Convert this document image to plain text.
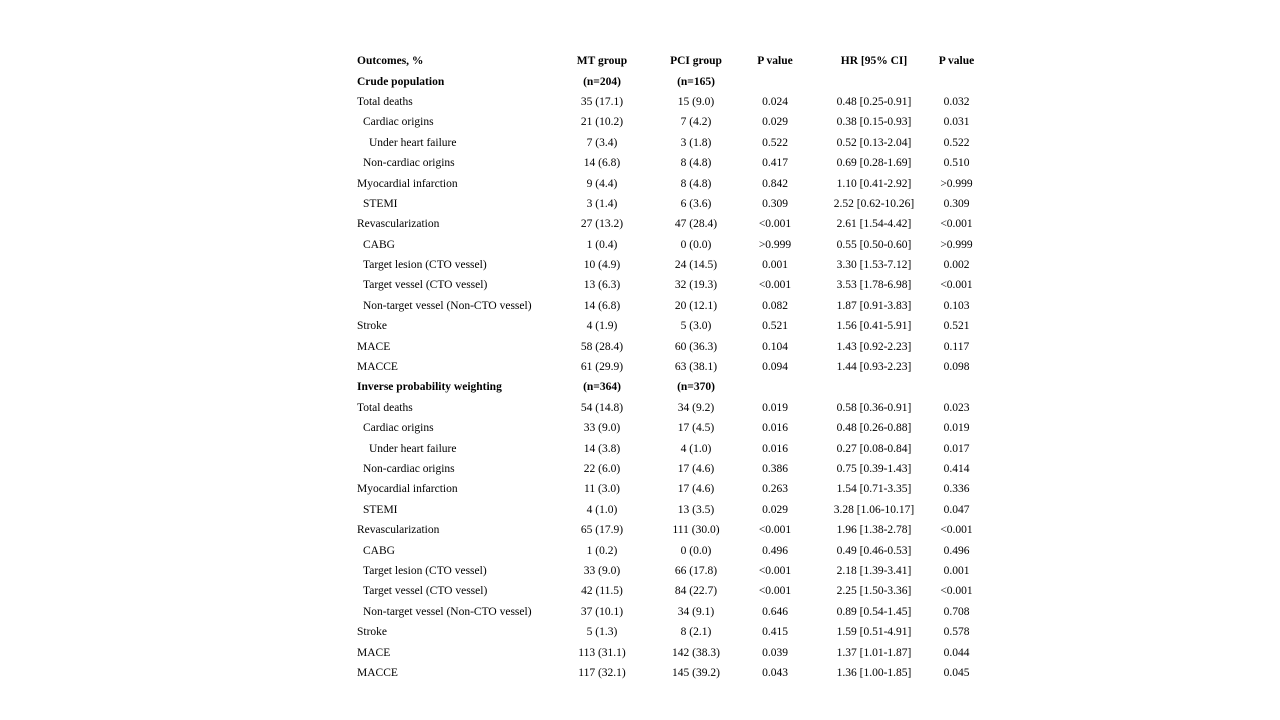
Outcomes, %	MT group	PCI group	P value	HR [95% CI]	P value
Crude population	(n=204)	(n=165)			
Total deaths	35 (17.1)	15 (9.0)	0.024	0.48 [0.25-0.91]	0.032
Cardiac origins	21 (10.2)	7 (4.2)	0.029	0.38 [0.15-0.93]	0.031
Under heart failure	7 (3.4)	3 (1.8)	0.522	0.52 [0.13-2.04]	0.522
Non-cardiac origins	14 (6.8)	8 (4.8)	0.417	0.69 [0.28-1.69]	0.510
Myocardial infarction	9 (4.4)	8 (4.8)	0.842	1.10 [0.41-2.92]	>0.999
STEMI	3 (1.4)	6 (3.6)	0.309	2.52 [0.62-10.26]	0.309
Revascularization	27 (13.2)	47 (28.4)	<0.001	2.61 [1.54-4.42]	<0.001
CABG	1 (0.4)	0 (0.0)	>0.999	0.55 [0.50-0.60]	>0.999
Target lesion (CTO vessel)	10 (4.9)	24 (14.5)	0.001	3.30 [1.53-7.12]	0.002
Target vessel (CTO vessel)	13 (6.3)	32 (19.3)	<0.001	3.53 [1.78-6.98]	<0.001
Non-target vessel (Non-CTO vessel)	14 (6.8)	20 (12.1)	0.082	1.87 [0.91-3.83]	0.103
Stroke	4 (1.9)	5 (3.0)	0.521	1.56 [0.41-5.91]	0.521
MACE	58 (28.4)	60 (36.3)	0.104	1.43 [0.92-2.23]	0.117
MACCE	61 (29.9)	63 (38.1)	0.094	1.44 [0.93-2.23]	0.098
Inverse probability weighting	(n=364)	(n=370)			
Total deaths	54 (14.8)	34 (9.2)	0.019	0.58 [0.36-0.91]	0.023
Cardiac origins	33 (9.0)	17 (4.5)	0.016	0.48 [0.26-0.88]	0.019
Under heart failure	14 (3.8)	4 (1.0)	0.016	0.27 [0.08-0.84]	0.017
Non-cardiac origins	22 (6.0)	17 (4.6)	0.386	0.75 [0.39-1.43]	0.414
Myocardial infarction	11 (3.0)	17 (4.6)	0.263	1.54 [0.71-3.35]	0.336
STEMI	4 (1.0)	13 (3.5)	0.029	3.28 [1.06-10.17]	0.047
Revascularization	65 (17.9)	111 (30.0)	<0.001	1.96 [1.38-2.78]	<0.001
CABG	1 (0.2)	0 (0.0)	0.496	0.49 [0.46-0.53]	0.496
Target lesion (CTO vessel)	33 (9.0)	66 (17.8)	<0.001	2.18 [1.39-3.41]	0.001
Target vessel (CTO vessel)	42 (11.5)	84 (22.7)	<0.001	2.25 [1.50-3.36]	<0.001
Non-target vessel (Non-CTO vessel)	37 (10.1)	34 (9.1)	0.646	0.89 [0.54-1.45]	0.708
Stroke	5 (1.3)	8 (2.1)	0.415	1.59 [0.51-4.91]	0.578
MACE	113 (31.1)	142 (38.3)	0.039	1.37 [1.01-1.87]	0.044
MACCE	117 (32.1)	145 (39.2)	0.043	1.36 [1.00-1.85]	0.045
